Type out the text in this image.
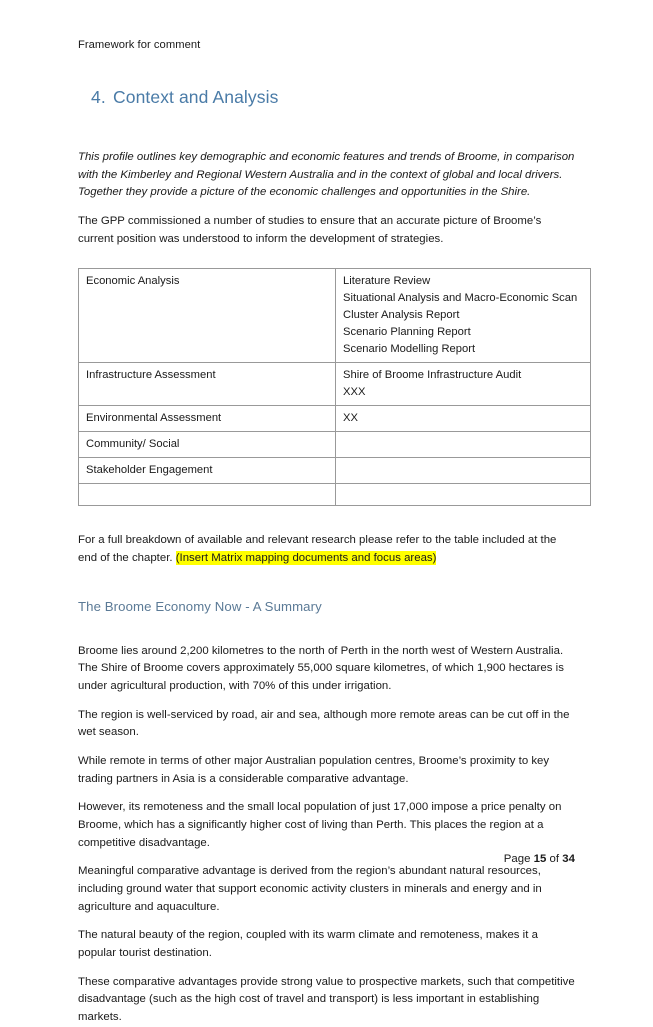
Framework for comment
4. Context and Analysis

This profile outlines key demographic and economic features and trends of Broome, in comparison with the Kimberley and Regional Western Australia and in the context of global and local drivers. Together they provide a picture of the economic challenges and opportunities in the Shire.

The GPP commissioned a number of studies to ensure that an accurate picture of Broome’s current position was understood to inform the development of strategies.

Economic Analysis	Literature Review
Situational Analysis and Macro-Economic Scan
Cluster Analysis Report
Scenario Planning Report
Scenario Modelling Report

Infrastructure Assessment	Shire of Broome Infrastructure Audit
XXX

Environmental Assessment	XX

Community/ Social	
Stakeholder Engagement	

For a full breakdown of available and relevant research please refer to the table included at the end of the chapter. (Insert Matrix mapping documents and focus areas)

The Broome Economy Now - A Summary

Broome lies around 2,200 kilometres to the north of Perth in the north west of Western Australia. The Shire of Broome covers approximately 55,000 square kilometres, of which 1,900 hectares is under agricultural production, with 70% of this under irrigation.

The region is well-serviced by road, air and sea, although more remote areas can be cut off in the wet season.

While remote in terms of other major Australian population centres, Broome’s proximity to key trading partners in Asia is a considerable comparative advantage.

However, its remoteness and the small local population of just 17,000 impose a price penalty on Broome, which has a significantly higher cost of living than Perth. This places the region at a competitive disadvantage.

Meaningful comparative advantage is derived from the region’s abundant natural resources, including ground water that support economic activity clusters in minerals and energy and in agriculture and aquaculture.

The natural beauty of the region, coupled with its warm climate and remoteness, makes it a popular tourist destination.

These comparative advantages provide strong value to prospective markets, such that competitive disadvantage (such as the high cost of travel and transport) is less important in establishing markets.

Page 15 of 34
